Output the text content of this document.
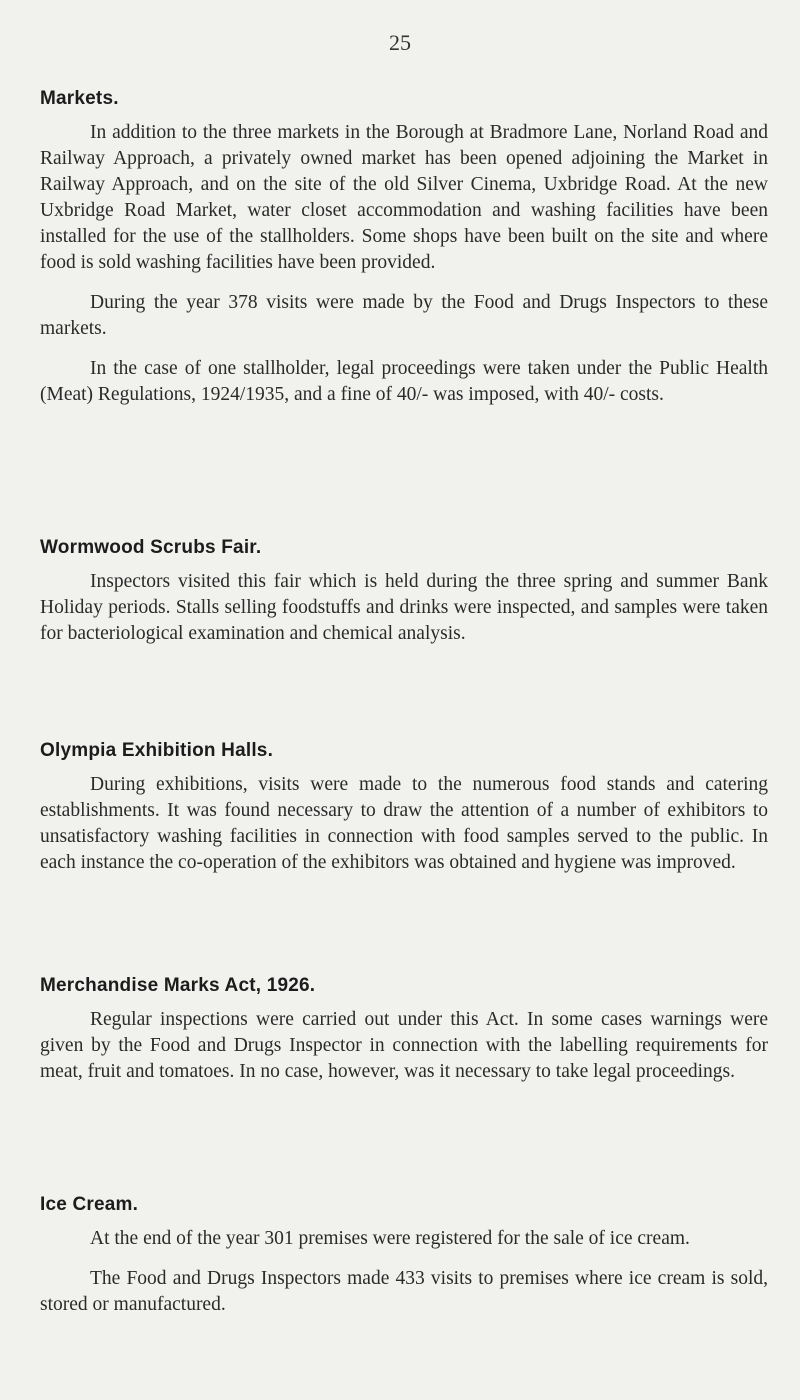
25
Markets.

In addition to the three markets in the Borough at Bradmore Lane, Norland Road and Railway Approach, a privately owned market has been opened adjoining the Market in Railway Approach, and on the site of the old Silver Cinema, Uxbridge Road. At the new Uxbridge Road Market, water closet accommodation and washing facilities have been installed for the use of the stallholders. Some shops have been built on the site and where food is sold washing facilities have been provided.

During the year 378 visits were made by the Food and Drugs Inspectors to these markets.

In the case of one stallholder, legal proceedings were taken under the Public Health (Meat) Regulations, 1924/1935, and a fine of 40/- was imposed, with 40/- costs.

Wormwood Scrubs Fair.

Inspectors visited this fair which is held during the three spring and summer Bank Holiday periods. Stalls selling foodstuffs and drinks were inspected, and samples were taken for bacteriological examination and chemical analysis.

Olympia Exhibition Halls.

During exhibitions, visits were made to the numerous food stands and catering establishments. It was found necessary to draw the attention of a number of exhibitors to unsatisfactory washing facilities in connection with food samples served to the public. In each instance the co-operation of the exhibitors was obtained and hygiene was improved.

Merchandise Marks Act, 1926.

Regular inspections were carried out under this Act. In some cases warnings were given by the Food and Drugs Inspector in connection with the labelling requirements for meat, fruit and tomatoes. In no case, however, was it necessary to take legal proceedings.

Ice Cream.

At the end of the year 301 premises were registered for the sale of ice cream.

The Food and Drugs Inspectors made 433 visits to premises where ice cream is sold, stored or manufactured.
